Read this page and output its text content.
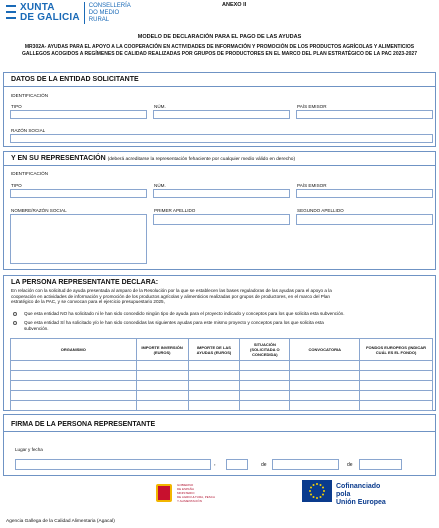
XUNTA
DE GALICIA
CONSELLERÍA
DO MEDIO
RURAL
ANEXO II
MODELO DE DECLARACIÓN PARA EL PAGO DE LAS AYUDAS
MR302A- AYUDAS PARA EL APOYO A LA COOPERACIÓN EN ACTIVIDADES DE INFORMACIÓN Y PROMOCIÓN DE LOS PRODUCTOS AGRÍCOLAS Y ALIMENTICIOS
GALLEGOS ACOGIDOS A REGÍMENES DE CALIDAD REALIZADAS POR GRUPOS DE PRODUCTORES EN EL MARCO DEL PLAN ESTRATÉGICO DE LA PAC 2023-2027
DATOS DE LA ENTIDAD SOLICITANTE
IDENTIFICACIÓN
TIPO	NÚM.	PAÍS EMISOR
RAZÓN SOCIAL
Y EN SU REPRESENTACIÓN (deberá acreditarse la representación fehaciente por cualquier medio válido en derecho)
IDENTIFICACIÓN
TIPO	NÚM.	PAÍS EMISOR
NOMBRE/RAZÓN SOCIAL	PRIMER APELLIDO	SEGUNDO APELLIDO
LA PERSONA REPRESENTANTE DECLARA:
En relación con la solicitud de ayuda presentada al amparo de la Resolución por la que se establecen las bases reguladoras de las ayudas para el apoyo a la
cooperación en actividades de información y promoción de los productos agrícolas y alimenticios realizadas por grupos de productores, en el marco del Plan
estratégico de la PAC, y se convocan para el ejercicio presupuestario 2025,
Que esta entidad NO ha solicitado ni le han sido concedido ningún tipo de ayuda para el proyecto indicado y conceptos para los que solicita esta subvención.
Que esta entidad SÍ ha solicitado y/o le han sido concedidas las siguientes ayudas para este mismo proyecto y conceptos para los que solicita esta
subvención.
ORGANISMO	IMPORTE INVERSIÓN (EUROS)	IMPORTE DE LAS AYUDAS (EUROS)	SITUACIÓN (SOLICITADA O CONCEDIDA)	CONVOCATORIA	FONDOS EUROPEOS (INDICAR CUÁL ES EL FONDO)

FIRMA DE LA PERSONA REPRESENTANTE
Lugar y fecha
,	de	de
GOBIERNO
DE ESPAÑA
MINISTERIO
DE AGRICULTURA, PESCA
Y ALIMENTACIÓN
Cofinanciado pola
Unión Europea
Agencia Gallega de la Calidad Alimentaria (Agacal)
